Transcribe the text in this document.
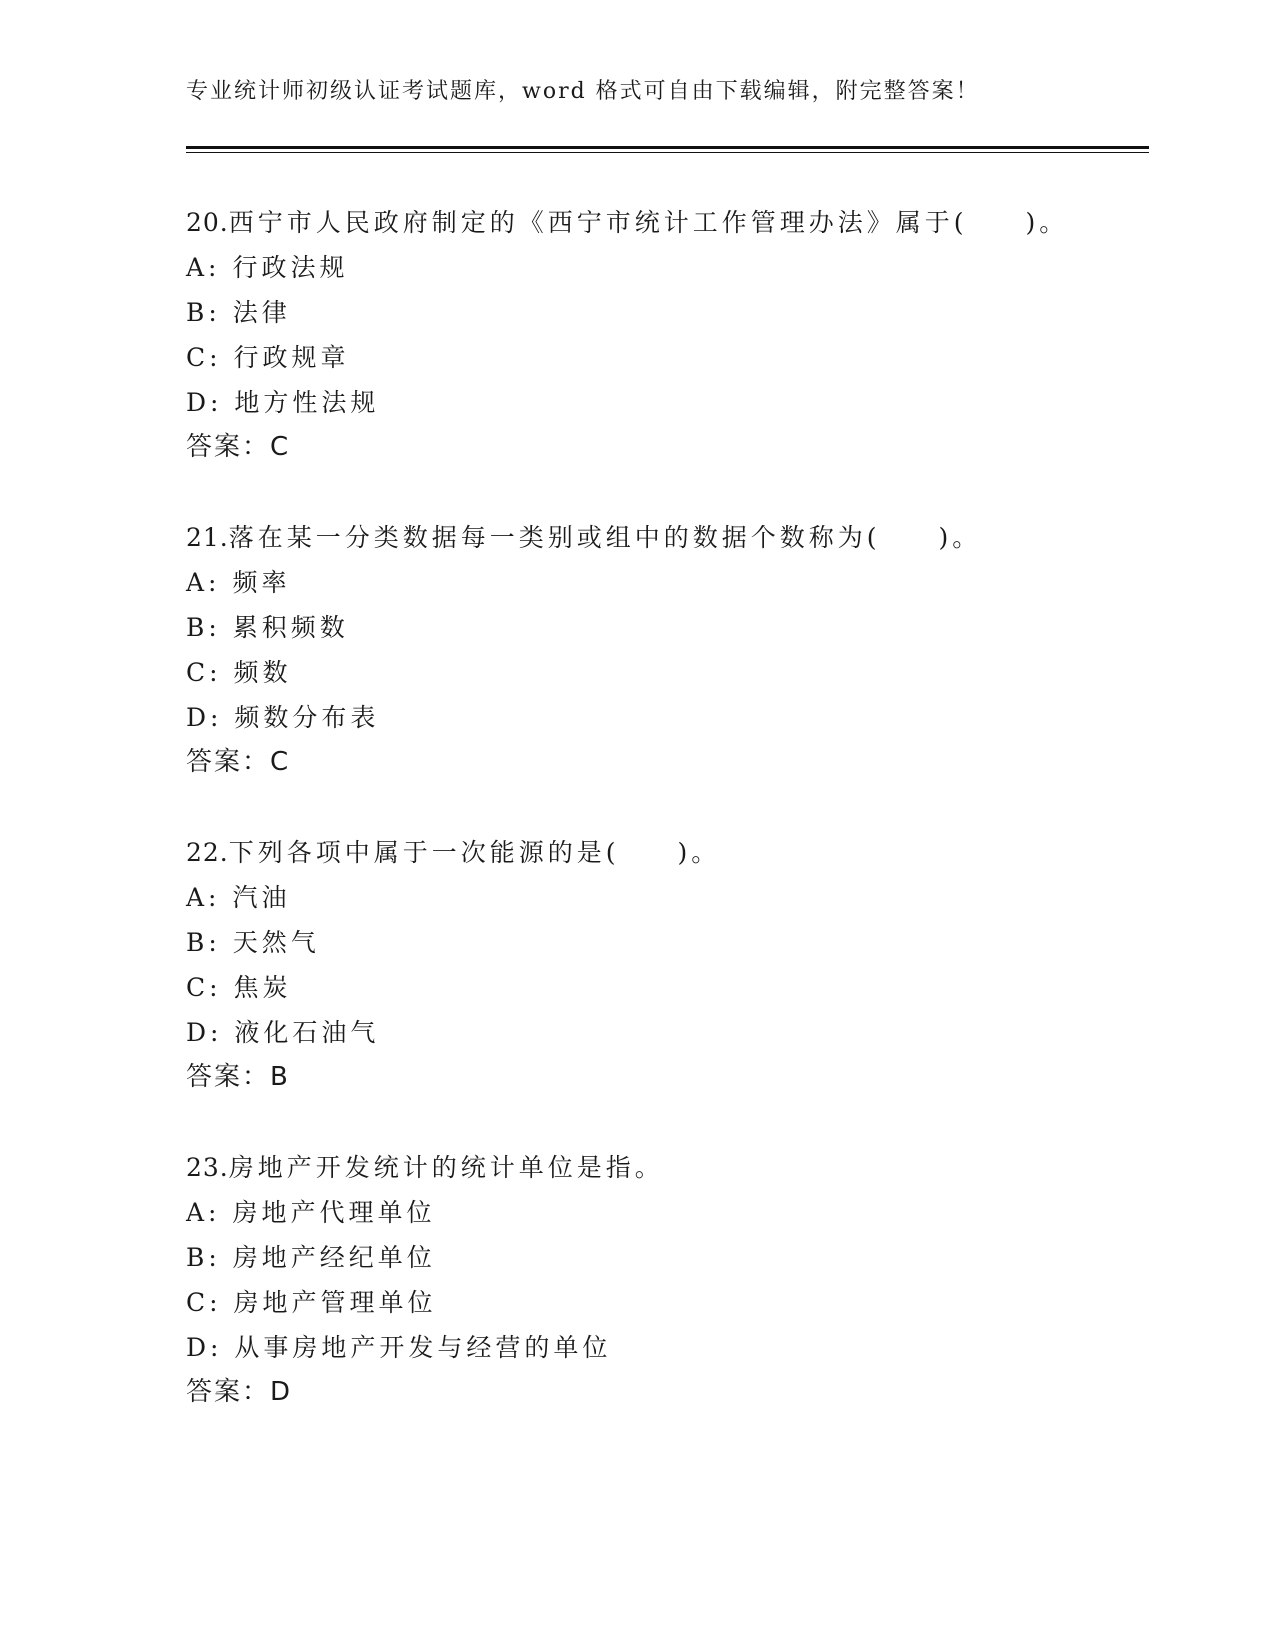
专业统计师初级认证考试题库，word 格式可自由下载编辑，附完整答案！
20.西宁市人民政府制定的《西宁市统计工作管理办法》属于(　　)。
A: 行政法规
B: 法律
C: 行政规章
D: 地方性法规
答案：C
21.落在某一分类数据每一类别或组中的数据个数称为(　　)。
A: 频率
B: 累积频数
C: 频数
D: 频数分布表
答案：C
22.下列各项中属于一次能源的是(　　)。
A: 汽油
B: 天然气
C: 焦炭
D: 液化石油气
答案：B
23.房地产开发统计的统计单位是指。
A: 房地产代理单位
B: 房地产经纪单位
C: 房地产管理单位
D: 从事房地产开发与经营的单位
答案：D
